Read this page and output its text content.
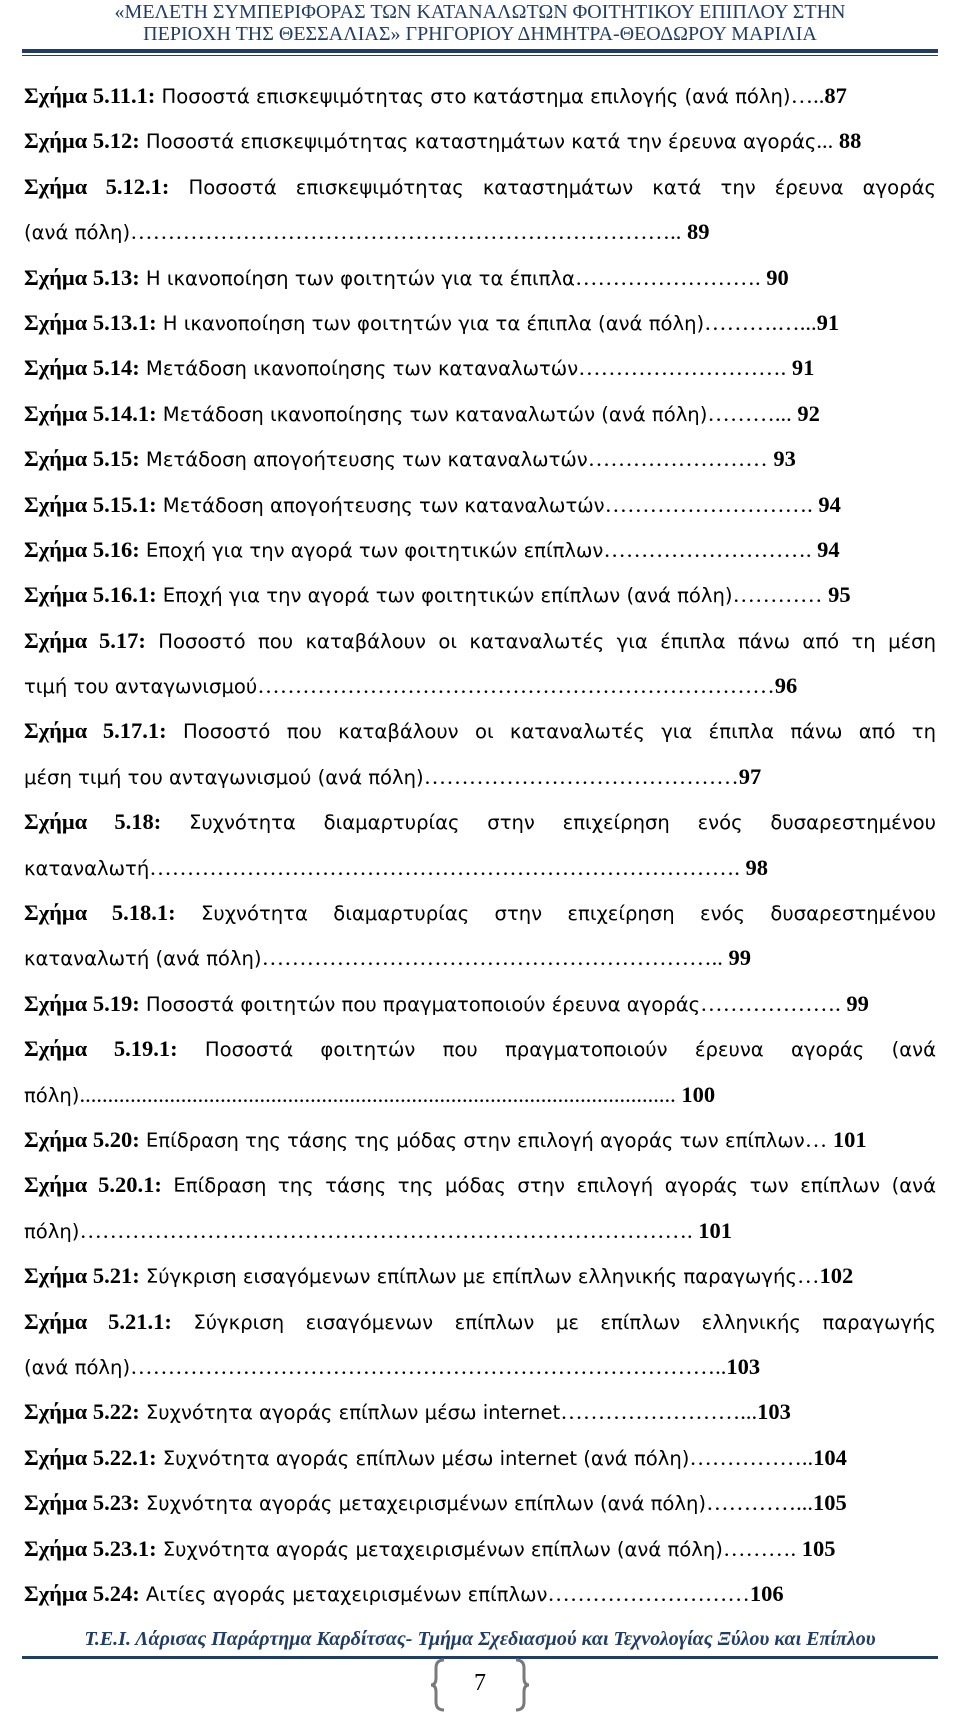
«ΜΕΛΕΤΗ ΣΥΜΠΕΡΙΦΟΡΑΣ ΤΩΝ ΚΑΤΑΝΑΛΩΤΩΝ ΦΟΙΤΗΤΙΚΟΥ ΕΠΙΠΛΟΥ ΣΤΗΝ
ΠΕΡΙΟΧΗ ΤΗΣ ΘΕΣΣΑΛΙΑΣ» ΓΡΗΓΟΡΙΟΥ ΔΗΜΗΤΡΑ-ΘΕΟΔΩΡΟΥ ΜΑΡΙΛΙΑ
Σχήμα 5.11.1: Ποσοστά επισκεψιμότητας στο κατάστημα επιλογής (ανά πόλη)…..87
Σχήμα 5.12: Ποσοστά επισκεψιμότητας καταστημάτων κατά την έρευνα αγοράς... 88
Σχήμα 5.12.1: Ποσοστά επισκεψιμότητας καταστημάτων κατά την έρευνα αγοράς
(ανά πόλη)……………………………………………………………….. 89
Σχήμα 5.13: Η ικανοποίηση των φοιτητών για τα έπιπλα……………………. 90
Σχήμα 5.13.1: Η ικανοποίηση των φοιτητών για τα έπιπλα (ανά πόλη)……….…...91
Σχήμα 5.14: Μετάδοση ικανοποίησης των καταναλωτών………………………. 91
Σχήμα 5.14.1: Μετάδοση ικανοποίησης των καταναλωτών (ανά πόλη)………... 92
Σχήμα 5.15: Μετάδοση απογοήτευσης των καταναλωτών…………………… 93
Σχήμα 5.15.1: Μετάδοση απογοήτευσης των καταναλωτών………………………. 94
Σχήμα 5.16: Εποχή για την αγορά των φοιτητικών επίπλων………………………. 94
Σχήμα 5.16.1: Εποχή για την αγορά των φοιτητικών επίπλων (ανά πόλη)………… 95
Σχήμα 5.17: Ποσοστό που καταβάλουν οι καταναλωτές για έπιπλα πάνω από τη μέση
τιμή του ανταγωνισμού……………………………………………………………96
Σχήμα 5.17.1: Ποσοστό που καταβάλουν οι καταναλωτές για έπιπλα πάνω από τη
μέση τιμή του ανταγωνισμού (ανά πόλη)……………………………………97
Σχήμα 5.18: Συχνότητα διαμαρτυρίας στην επιχείρηση ενός δυσαρεστημένου
καταναλωτή……………………………………………………………………. 98
Σχήμα 5.18.1: Συχνότητα διαμαρτυρίας στην επιχείρηση ενός δυσαρεστημένου
καταναλωτή (ανά πόλη)…………………………………………………….. 99
Σχήμα 5.19: Ποσοστά φοιτητών που πραγματοποιούν έρευνα αγοράς………………. 99
Σχήμα 5.19.1: Ποσοστά φοιτητών που πραγματοποιούν έρευνα αγοράς (ανά
πόλη).......................................................................................................... 100
Σχήμα 5.20: Επίδραση της τάσης της μόδας στην επιλογή αγοράς των επίπλων… 101
Σχήμα 5.20.1: Επίδραση της τάσης της μόδας στην επιλογή αγοράς των επίπλων (ανά
πόλη)………………………………………………………………………. 101
Σχήμα 5.21: Σύγκριση εισαγόμενων επίπλων με επίπλων ελληνικής παραγωγής…102
Σχήμα 5.21.1: Σύγκριση εισαγόμενων επίπλων με επίπλων ελληνικής παραγωγής
(ανά πόλη)……………………………………………………………………..103
Σχήμα 5.22: Συχνότητα αγοράς επίπλων μέσω internet……………………...103
Σχήμα 5.22.1: Συχνότητα αγοράς επίπλων μέσω internet (ανά πόλη)……………..104
Σχήμα 5.23: Συχνότητα αγοράς μεταχειρισμένων επίπλων (ανά πόλη)…………...105
Σχήμα 5.23.1: Συχνότητα αγοράς μεταχειρισμένων επίπλων (ανά πόλη)………. 105
Σχήμα 5.24: Αιτίες αγοράς μεταχειρισμένων επίπλων………………………106
Τ.Ε.Ι. Λάρισας Παράρτημα Καρδίτσας- Τμήμα Σχεδιασμού και Τεχνολογίας Ξύλου και Επίπλου
7
